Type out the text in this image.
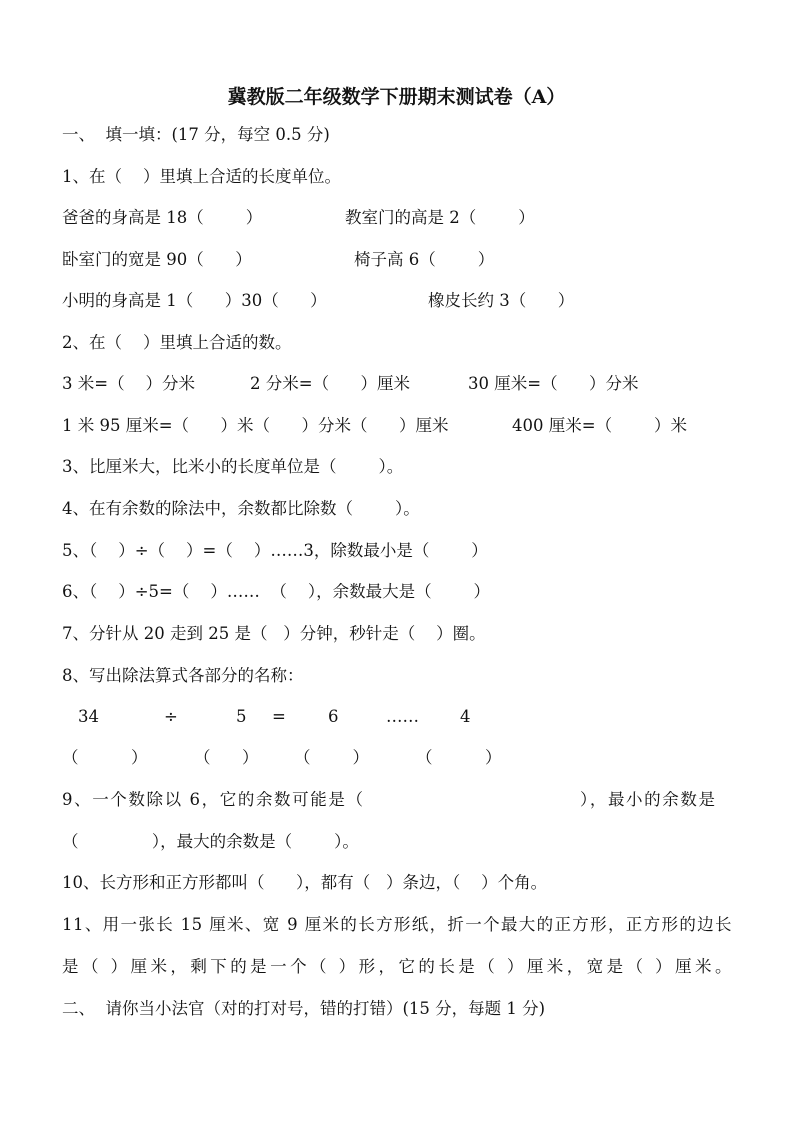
冀教版二年级数学下册期末测试卷（A）
一、  填一填：(17 分，每空 0.5 分)
1、在（    ）里填上合适的长度单位。
爸爸的身高是 18（        ）	教室门的高是 2（        ）
卧室门的宽是 90（      ）	椅子高 6（        ）
小明的身高是 1（      ）30（      ）	橡皮长约 3（      ）
2、在（    ）里填上合适的数。
3 米=（    ）分米	2 分米=（      ）厘米	30 厘米=（      ）分米
1 米 95 厘米=（      ）米（      ）分米（      ）厘米	400 厘米=（        ）米
3、比厘米大，比米小的长度单位是（        ）。
4、在有余数的除法中，余数都比除数（        ）。
5、（    ）÷（    ）=（    ）……3，除数最小是（        ）
6、（    ）÷5=（    ）……  （    ），余数最大是（        ）
7、分针从 20 走到 25 是（   ）分钟，秒针走（    ）圈。
8、写出除法算式各部分的名称：
34	÷	5 =	6	…… 4
（          ）	（      ） （        ）	（          ）
9、一个数除以 6，它的余数可能是（	），最小的余数是
（              ），最大的余数是（        ）。
10、长方形和正方形都叫（      ），都有（   ）条边，（    ）个角。
11、用一张长 15 厘米、宽 9 厘米的长方形纸，折一个最大的正方形，正方形的边长
是（ ）厘米，剩下的是一个（ ）形，它的长是（ ）厘米，宽是（ ）厘米。
二、  请你当小法官（对的打对号，错的打错）(15 分，每题 1 分)
